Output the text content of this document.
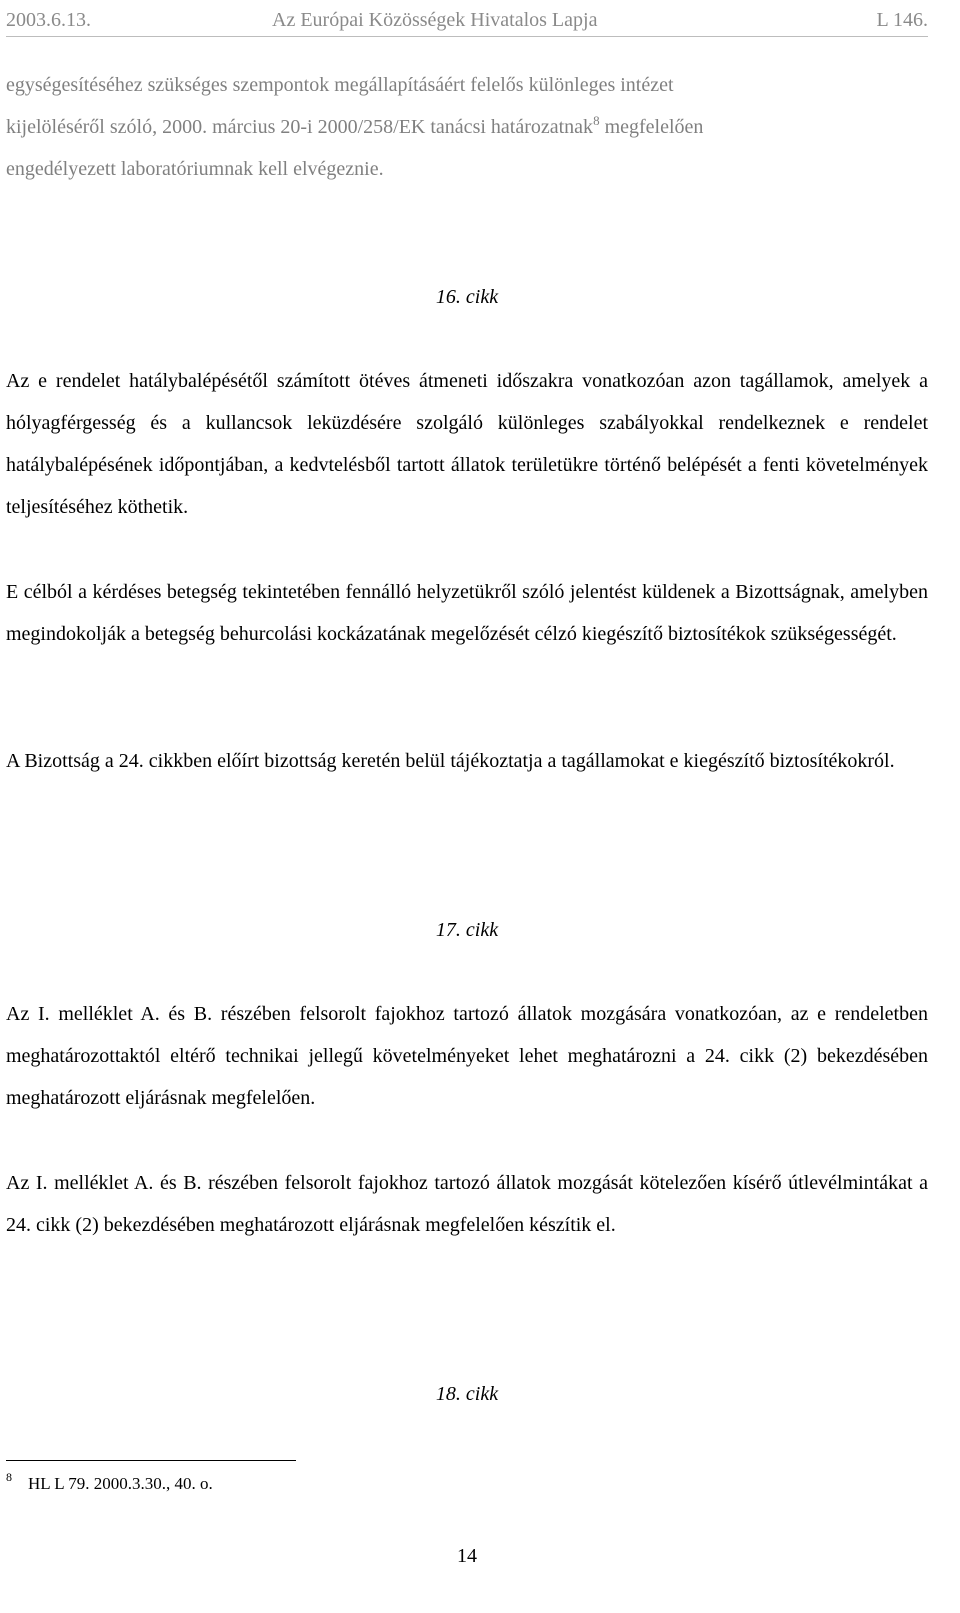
2003.6.13.	Az Európai Közösségek Hivatalos Lapja	L 146.
egységesítéséhez szükséges szempontok megállapításáért felelős különleges intézet
kijelöléséről szóló, 2000. március 20-i 2000/258/EK tanácsi határozatnak$^8$ megfelelően
engedélyezett laboratóriumnak kell elvégeznie.
16. cikk
Az e rendelet hatálybalépésétől számított ötéves átmeneti időszakra vonatkozóan azon tagállamok, amelyek a hólyagférgesség és a kullancsok leküzdésére szolgáló különleges szabályokkal rendelkeznek e rendelet hatálybalépésének időpontjában, a kedvtelésből tartott állatok területükre történő belépését a fenti követelmények teljesítéséhez köthetik.
E célból a kérdéses betegség tekintetében fennálló helyzetükről szóló jelentést küldenek a Bizottságnak, amelyben megindokolják a betegség behurcolási kockázatának megelőzését célzó kiegészítő biztosítékok szükségességét.
A Bizottság a 24. cikkben előírt bizottság keretén belül tájékoztatja a tagállamokat e kiegészítő biztosítékokról.
17. cikk
Az I. melléklet A. és B. részében felsorolt fajokhoz tartozó állatok mozgására vonatkozóan, az e rendeletben meghatározottaktól eltérő technikai jellegű követelményeket lehet meghatározni a 24. cikk (2) bekezdésében meghatározott eljárásnak megfelelően.
Az I. melléklet A. és B. részében felsorolt fajokhoz tartozó állatok mozgását kötelezően kísérő útlevélmintákat a 24. cikk (2) bekezdésében meghatározott eljárásnak megfelelően készítik el.
18. cikk
$^8$ HL L 79. 2000.3.30., 40. o.
14
